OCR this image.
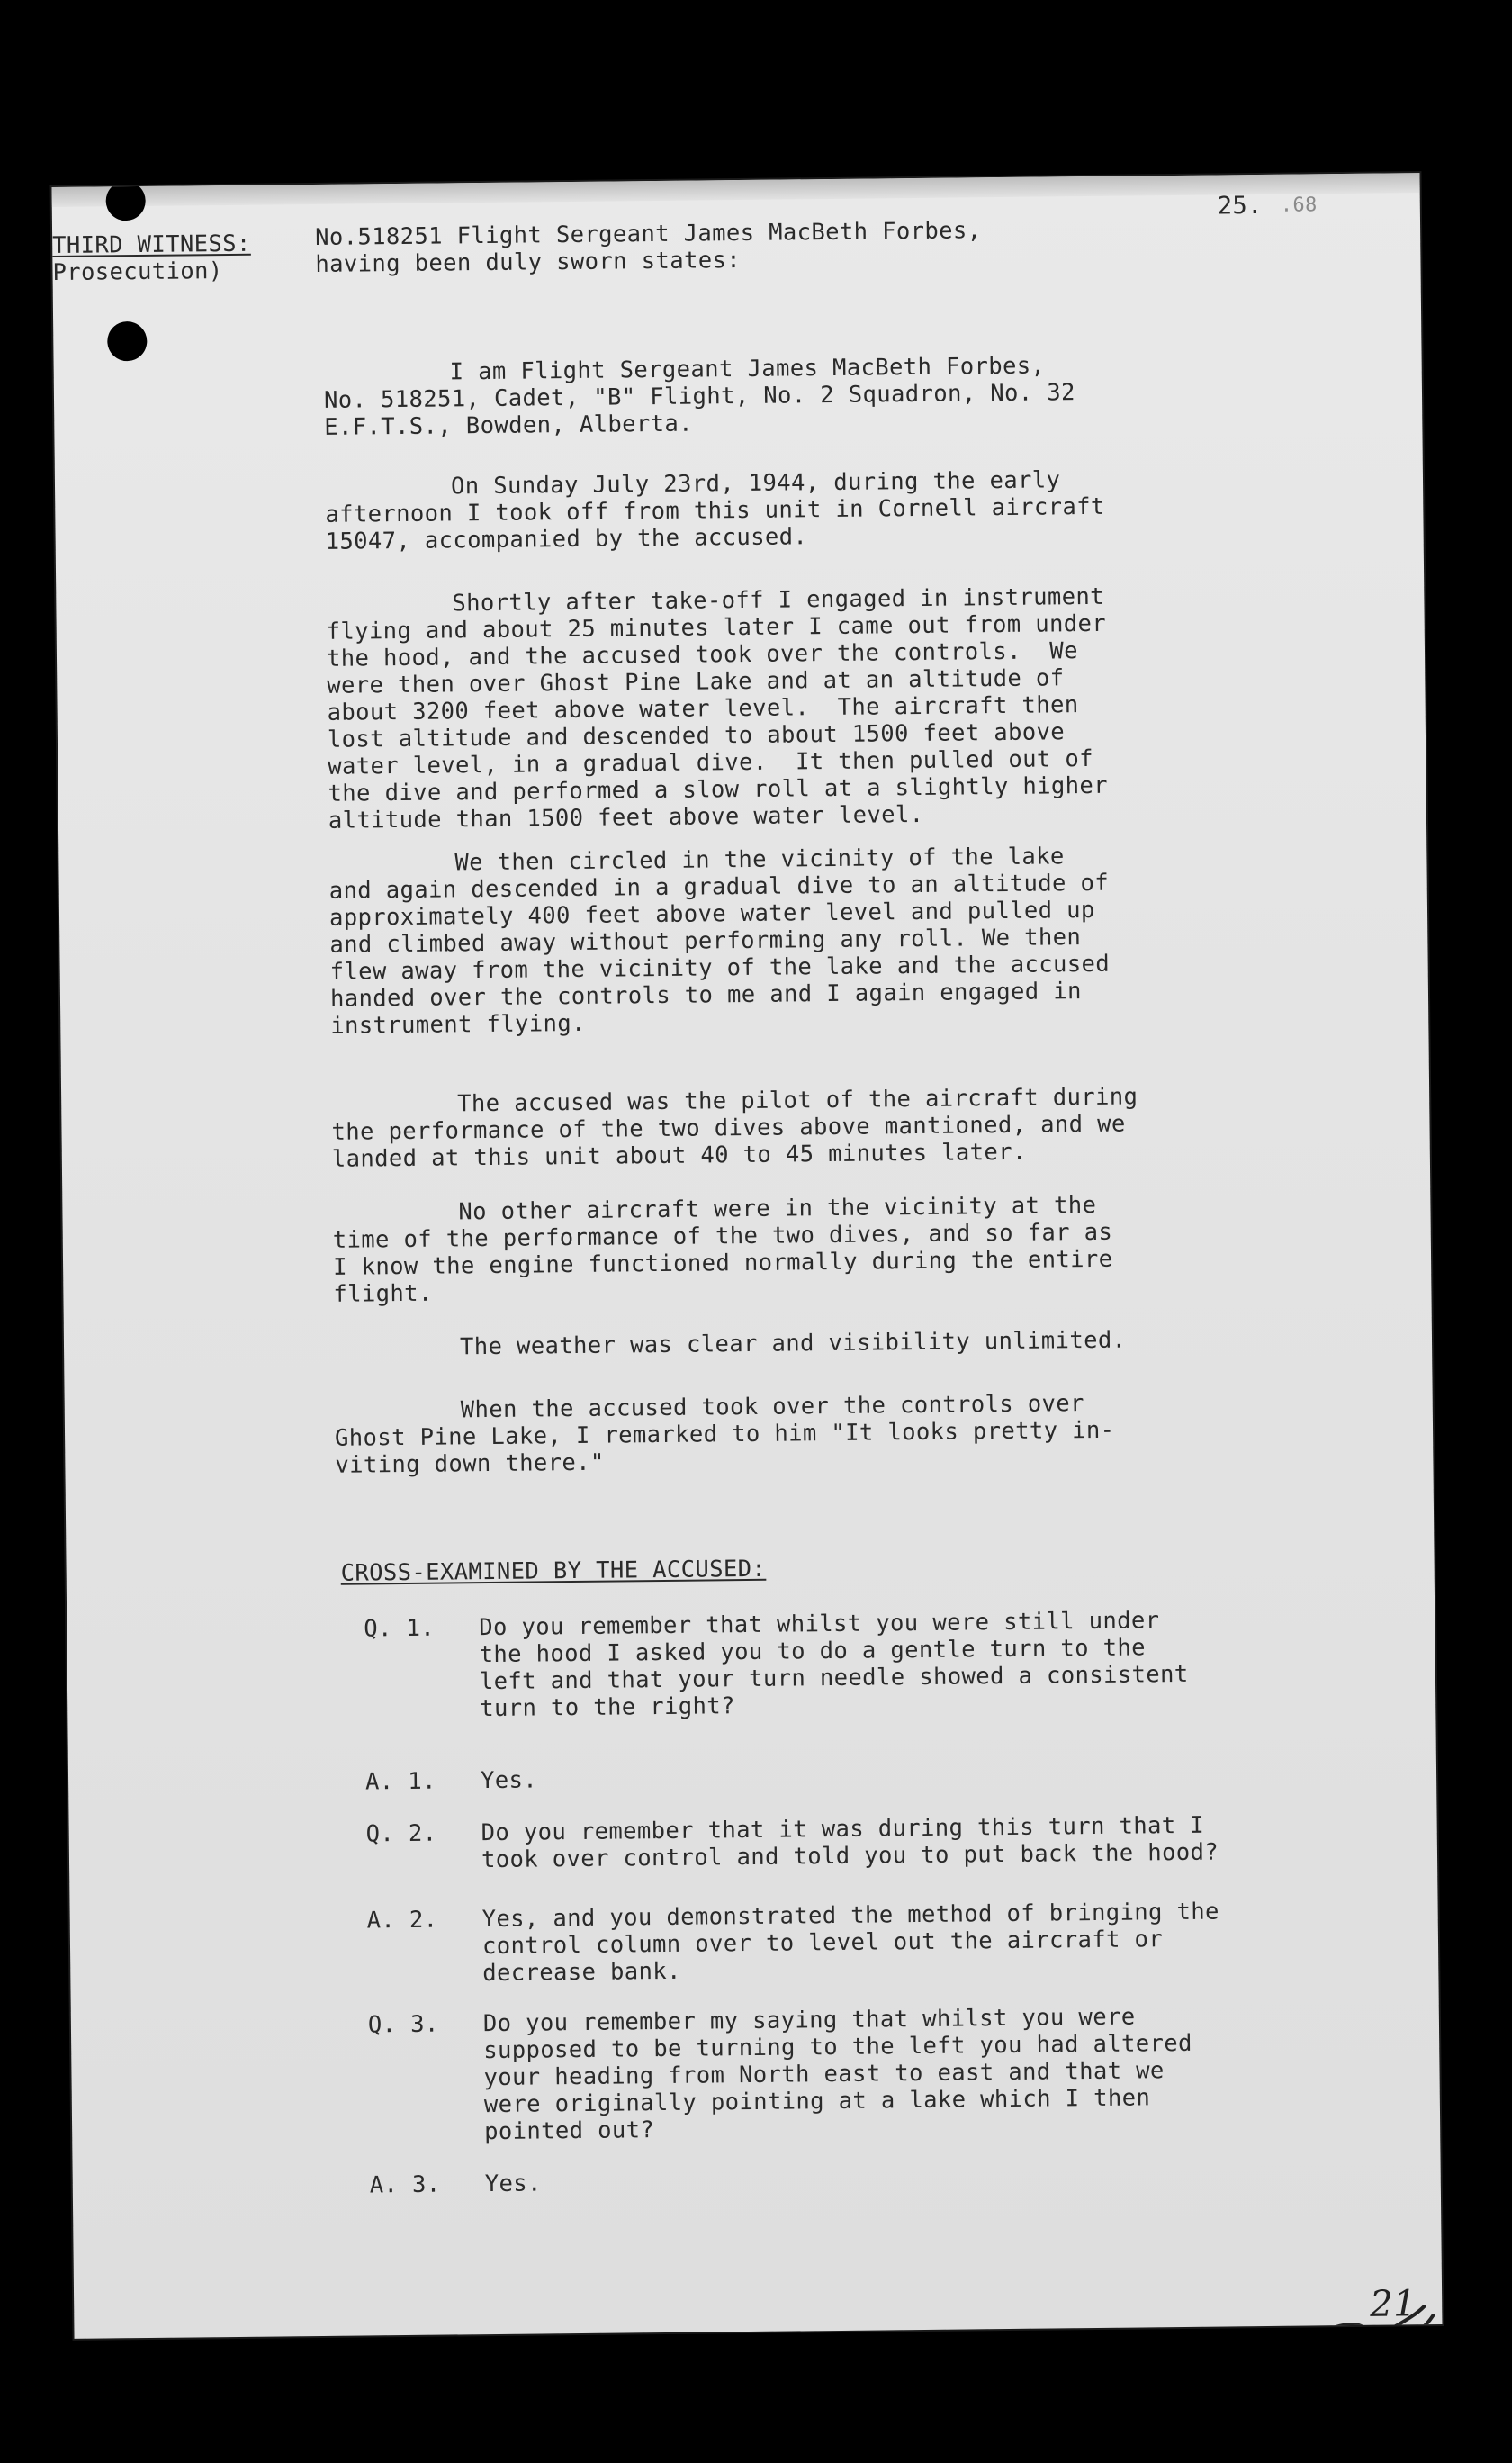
25. .68
THIRD WITNESS:
Prosecution)
No.518251 Flight Sergeant James MacBeth Forbes,
having been duly sworn states:
I am Flight Sergeant James MacBeth Forbes,
No. 518251, Cadet, "B" Flight, No. 2 Squadron, No. 32
E.F.T.S., Bowden, Alberta.
On Sunday July 23rd, 1944, during the early
afternoon I took off from this unit in Cornell aircraft
15047, accompanied by the accused.
Shortly after take-off I engaged in instrument
flying and about 25 minutes later I came out from under
the hood, and the accused took over the controls.  We
were then over Ghost Pine Lake and at an altitude of
about 3200 feet above water level.  The aircraft then
lost altitude and descended to about 1500 feet above
water level, in a gradual dive.  It then pulled out of
the dive and performed a slow roll at a slightly higher
altitude than 1500 feet above water level.
We then circled in the vicinity of the lake
and again descended in a gradual dive to an altitude of
approximately 400 feet above water level and pulled up
and climbed away without performing any roll. We then
flew away from the vicinity of the lake and the accused
handed over the controls to me and I again engaged in
instrument flying.
The accused was the pilot of the aircraft during
the performance of the two dives above mantioned, and we
landed at this unit about 40 to 45 minutes later.
No other aircraft were in the vicinity at the
time of the performance of the two dives, and so far as
I know the engine functioned normally during the entire
flight.
The weather was clear and visibility unlimited.
When the accused took over the controls over
Ghost Pine Lake, I remarked to him "It looks pretty in-
viting down there."
CROSS-EXAMINED BY THE ACCUSED:
Q. 1. Do you remember that whilst you were still under
the hood I asked you to do a gentle turn to the
left and that your turn needle showed a consistent
turn to the right?
A. 1. Yes.
Q. 2. Do you remember that it was during this turn that I
took over control and told you to put back the hood?
A. 2. Yes, and you demonstrated the method of bringing the
control column over to level out the aircraft or
decrease bank.
Q. 3. Do you remember my saying that whilst you were
supposed to be turning to the left you had altered
your heading from North east to east and that we
were originally pointing at a lake which I then
pointed out?
A. 3. Yes.
21
